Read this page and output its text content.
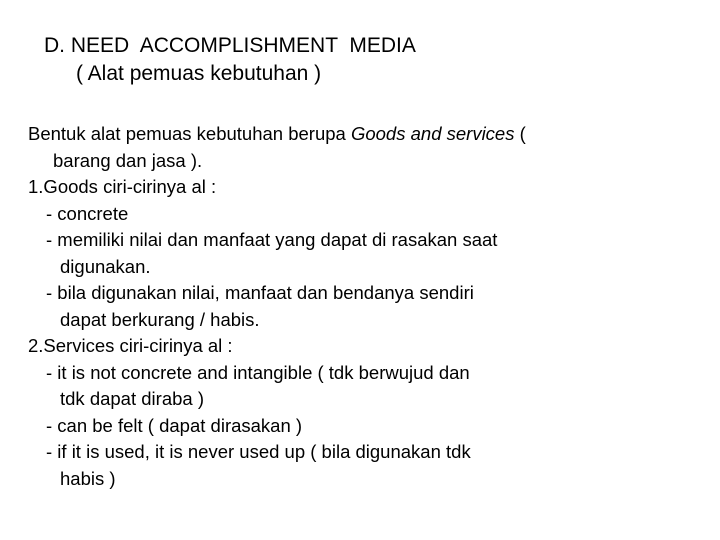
D. NEED  ACCOMPLISHMENT  MEDIA
( Alat pemuas kebutuhan )
Bentuk alat pemuas kebutuhan berupa Goods and services (
barang dan jasa ).
1.Goods ciri-cirinya al :
- concrete
- memiliki nilai dan manfaat yang dapat di rasakan saat
digunakan.
- bila digunakan nilai, manfaat dan bendanya sendiri
dapat berkurang / habis.
2.Services ciri-cirinya al :
- it is not concrete and intangible ( tdk berwujud dan
tdk dapat diraba )
- can be felt ( dapat dirasakan )
- if it is used, it is never used up ( bila digunakan tdk
habis )
